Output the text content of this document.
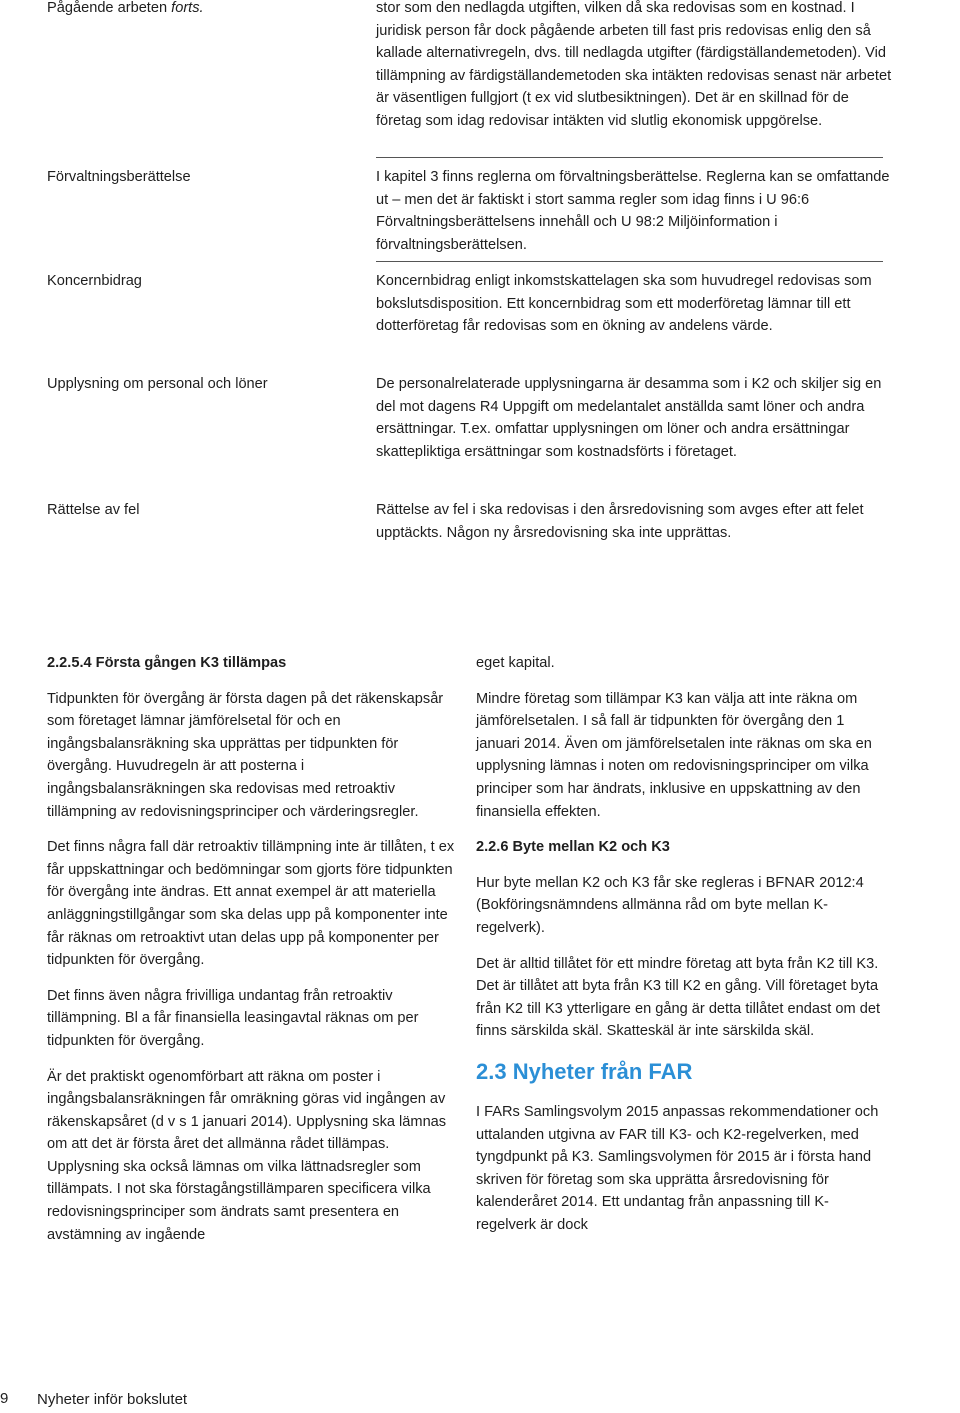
Pågående arbeten forts.	stor som den nedlagda utgiften, vilken då ska redovisas som en kostnad. I juridisk person får dock pågående arbeten till fast pris redovisas enlig den så kallade alternativregeln, dvs. till nedlagda utgifter (färdigställandemetoden). Vid tillämpning av färdigställandemetoden ska intäkten redovisas senast när arbetet är väsentligen fullgjort (t ex vid slutbesiktningen). Det är en skillnad för de företag som idag redovisar intäkten vid slutlig ekonomisk uppgörelse.

Förvaltningsberättelse	I kapitel 3 finns reglerna om förvaltningsberättelse. Reglerna kan se omfattande ut – men det är faktiskt i stort samma regler som idag finns i U 96:6 Förvaltningsberättelsens innehåll och U 98:2 Miljöinformation i förvaltningsberättelsen.

Koncernbidrag	Koncernbidrag enligt inkomstskattelagen ska som huvudregel redovisas som bokslutsdisposition. Ett koncernbidrag som ett moderföretag lämnar till ett dotterföretag får redovisas som en ökning av andelens värde.

Upplysning om personal och löner	De personalrelaterade upplysningarna är desamma som i K2 och skiljer sig en del mot dagens R4 Uppgift om medelantalet anställda samt löner och andra ersättningar. T.ex. omfattar upplysningen om löner och andra ersättningar skattepliktiga ersättningar som kostnadsförts i företaget.

Rättelse av fel	Rättelse av fel i ska redovisas i den årsredovisning som avges efter att felet upptäckts. Någon ny årsredovisning ska inte upprättas.

2.2.5.4 Första gången K3 tillämpas

Tidpunkten för övergång är första dagen på det räkenskapsår som företaget lämnar jämförelsetal för och en ingångsbalansräkning ska upprättas per tidpunkten för övergång. Huvudregeln är att posterna i ingångsbalansräkningen ska redovisas med retroaktiv tillämpning av redovisningsprinciper och värderingsregler.

Det finns några fall där retroaktiv tillämpning inte är tillåten, t ex får uppskattningar och bedömningar som gjorts före tidpunkten för övergång inte ändras. Ett annat exempel är att materiella anläggningstillgångar som ska delas upp på komponenter inte får räknas om retroaktivt utan delas upp på komponenter per tidpunkten för övergång.

Det finns även några frivilliga undantag från retroaktiv tillämpning. Bl a får finansiella leasingavtal räknas om per tidpunkten för övergång.

Är det praktiskt ogenomförbart att räkna om poster i ingångsbalansräkningen får omräkning göras vid ingången av räkenskapsåret (d v s 1 januari 2014). Upplysning ska lämnas om att det är första året det allmänna rådet tillämpas. Upplysning ska också lämnas om vilka lättnadsregler som tillämpats. I not ska förstagångstillämparen specificera vilka redovisningsprinciper som ändrats samt presentera en avstämning av ingående

eget kapital.

Mindre företag som tillämpar K3 kan välja att inte räkna om jämförelsetalen. I så fall är tidpunkten för övergång den 1 januari 2014. Även om jämförelsetalen inte räknas om ska en upplysning lämnas i noten om redovisningsprinciper om vilka principer som har ändrats, inklusive en uppskattning av den finansiella effekten.

2.2.6 Byte mellan K2 och K3

Hur byte mellan K2 och K3 får ske regleras i BFNAR 2012:4 (Bokföringsnämndens allmänna råd om byte mellan K-regelverk).

Det är alltid tillåtet för ett mindre företag att byta från K2 till K3. Det är tillåtet att byta från K3 till K2 en gång. Vill företaget byta från K2 till K3 ytterligare en gång är detta tillåtet endast om det finns särskilda skäl. Skatteskäl är inte särskilda skäl.

2.3 Nyheter från FAR

I FARs Samlingsvolym 2015 anpassas rekommendationer och uttalanden utgivna av FAR till K3- och K2-regelverken, med tyngdpunkt på K3. Samlingsvolymen för 2015 är i första hand skriven för företag som ska upprätta årsredovisning för kalenderåret 2014. Ett undantag från anpassning till K-regelverk är dock

9 Nyheter inför bokslutet
